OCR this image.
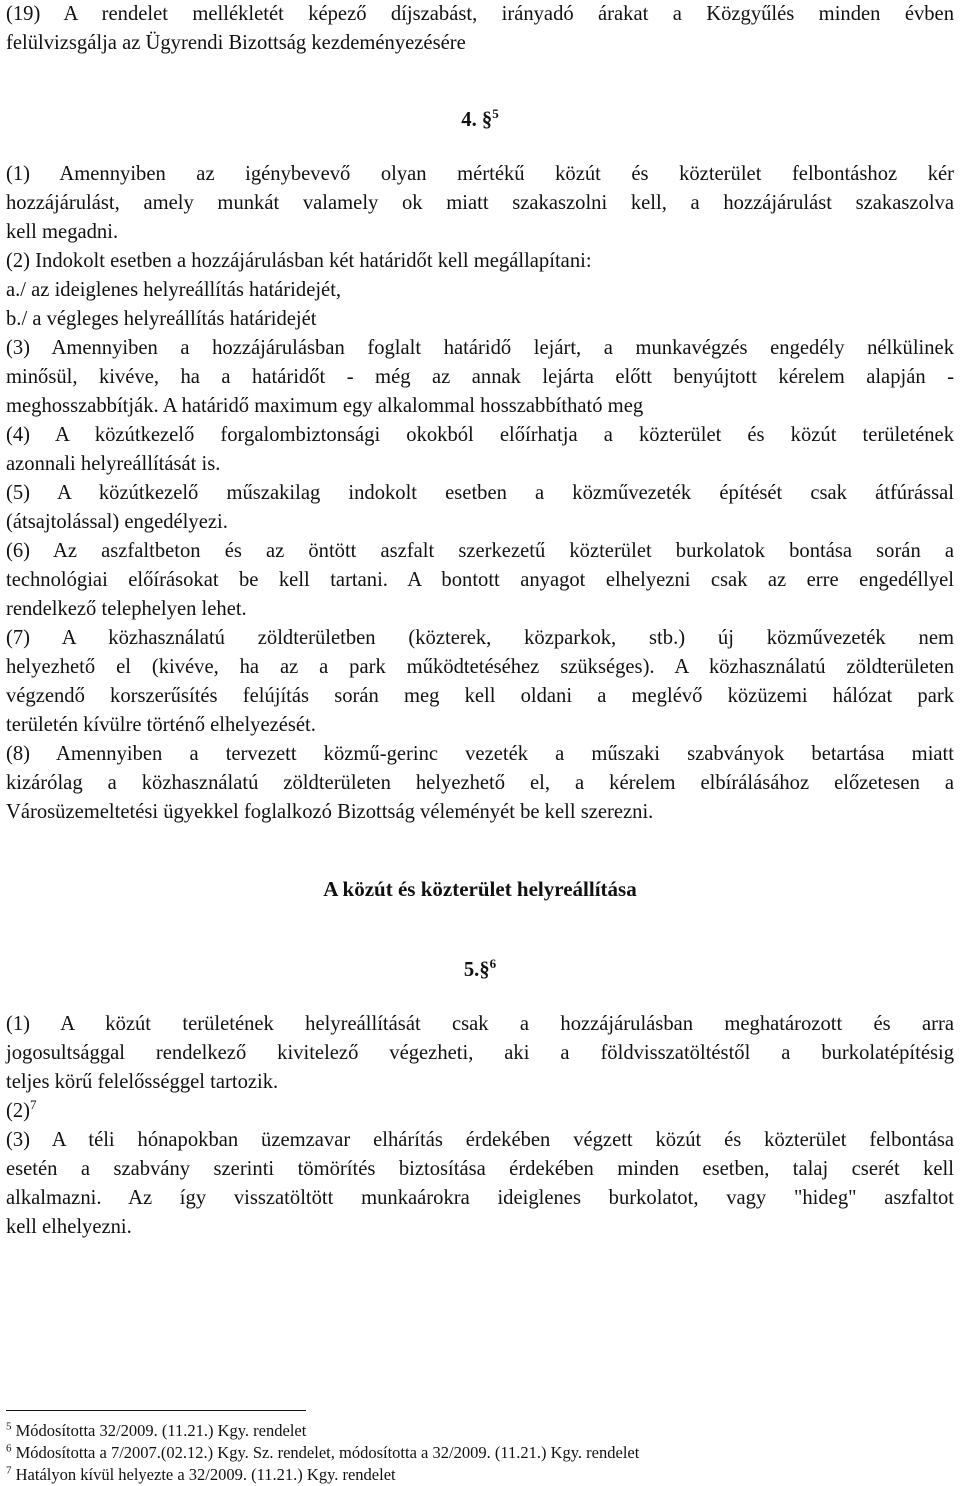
(19) A rendelet mellékletét képező díjszabást, irányadó árakat a Közgyűlés minden évben
felülvizsgálja az Ügyrendi Bizottság kezdeményezésére
4. §$^5$
(1) Amennyiben az igénybevevő olyan mértékű közút és közterület felbontáshoz kér
hozzájárulást, amely munkát valamely ok miatt szakaszolni kell, a hozzájárulást szakaszolva
kell megadni.
(2) Indokolt esetben a hozzájárulásban két határidőt kell megállapítani:
a./ az ideiglenes helyreállítás határidejét,
b./ a végleges helyreállítás határidejét
(3) Amennyiben a hozzájárulásban foglalt határidő lejárt, a munkavégzés engedély nélkülinek
minősül, kivéve, ha a határidőt - még az annak lejárta előtt benyújtott kérelem alapján -
meghosszabbítják. A határidő maximum egy alkalommal hosszabbítható meg
(4) A közútkezelő forgalombiztonsági okokból előírhatja a közterület és közút területének
azonnali helyreállítását is.
(5) A közútkezelő műszakilag indokolt esetben a közművezeték építését csak átfúrással
(átsajtolással) engedélyezi.
(6) Az aszfaltbeton és az öntött aszfalt szerkezetű közterület burkolatok bontása során a
technológiai előírásokat be kell tartani. A bontott anyagot elhelyezni csak az erre engedéllyel
rendelkező telephelyen lehet.
(7) A közhasználatú zöldterületben (közterek, közparkok, stb.) új közművezeték nem
helyezhető el (kivéve, ha az a park működtetéséhez szükséges). A közhasználatú zöldterületen
végzendő korszerűsítés felújítás során meg kell oldani a meglévő közüzemi hálózat park
területén kívülre történő elhelyezését.
(8) Amennyiben a tervezett közmű-gerinc vezeték a műszaki szabványok betartása miatt
kizárólag a közhasználatú zöldterületen helyezhető el, a kérelem elbírálásához előzetesen a
Városüzemeltetési ügyekkel foglalkozó Bizottság véleményét be kell szerezni.
A közút és közterület helyreállítása
5.§$^6$
(1) A közút területének helyreállítását csak a hozzájárulásban meghatározott és arra
jogosultsággal rendelkező kivitelező végezheti, aki a földvisszatöltéstől a burkolatépítésig
teljes körű felelősséggel tartozik.
$(2)^7$
(3) A téli hónapokban üzemzavar elhárítás érdekében végzett közút és közterület felbontása
esetén a szabvány szerinti tömörítés biztosítása érdekében minden esetben, talaj cserét kell
alkalmazni. Az így visszatöltött munkaárokra ideiglenes burkolatot, vagy "hideg" aszfaltot
kell elhelyezni.
$^5$ Módosította 32/2009. (11.21.) Kgy. rendelet
$^6$ Módosította a 7/2007.(02.12.) Kgy. Sz. rendelet, módosította a 32/2009. (11.21.) Kgy. rendelet
$^7$ Hatályon kívül helyezte a 32/2009. (11.21.) Kgy. rendelet
